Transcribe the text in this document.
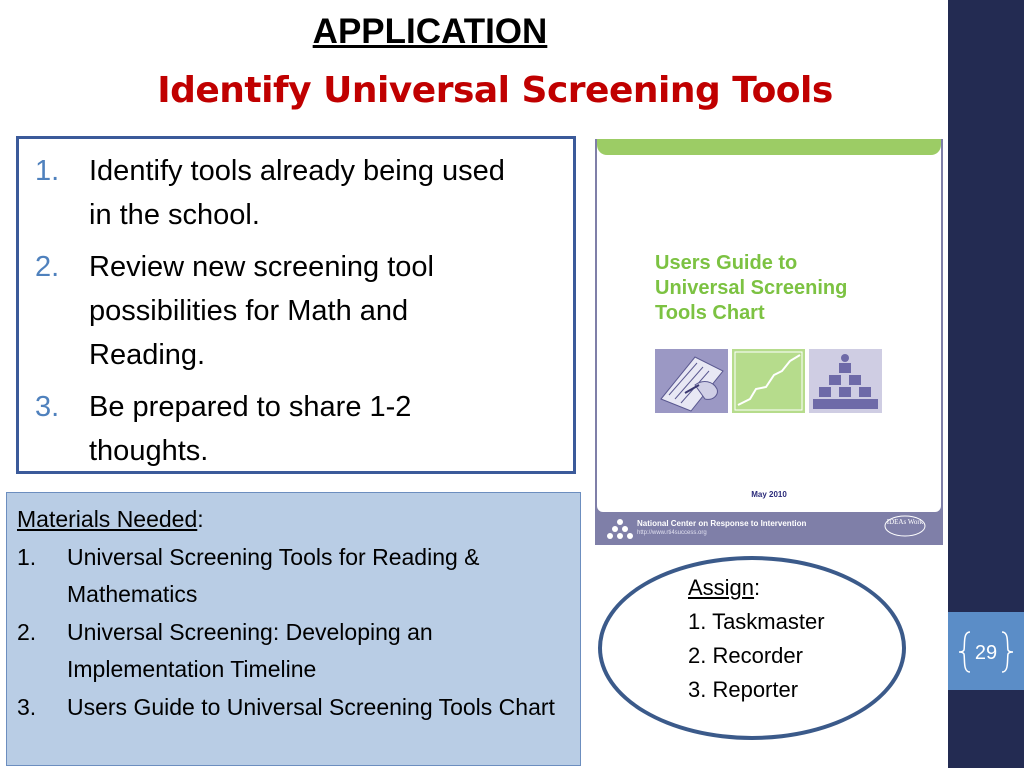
APPLICATION
Identify Universal Screening Tools
1.	Identify tools already being used in the school.
2.	Review new screening tool possibilities for Math and Reading.
3.	Be prepared to share 1-2 thoughts.
Materials Needed:
1.	Universal Screening Tools for Reading & Mathematics
2.	Universal Screening: Developing an Implementation Timeline
3.	Users Guide to Universal Screening Tools Chart
Users Guide to
Universal Screening
Tools Chart
May 2010
National Center on Response to Intervention
http://www.rti4success.org
IDEAs Work
Assign:
1. Taskmaster
2. Recorder
3. Reporter
29
